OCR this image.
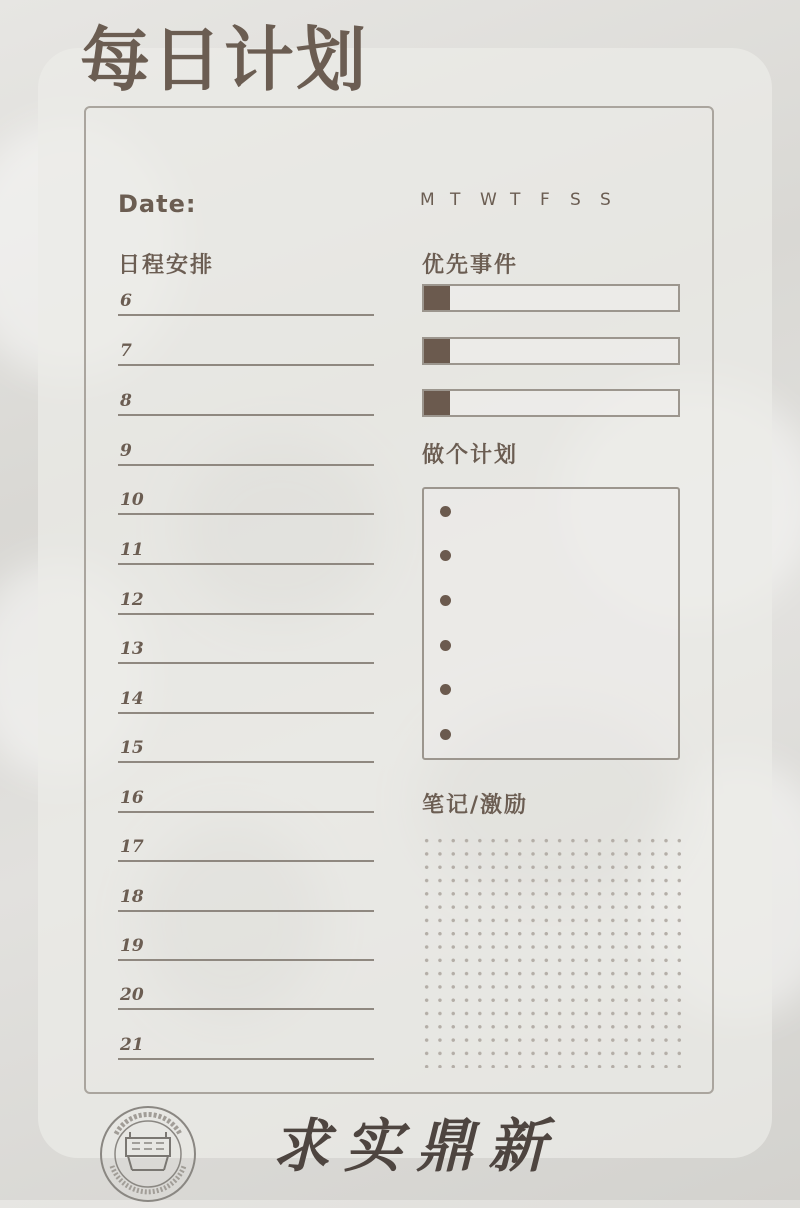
每日计划
Date:	M T	W T	F	S	S
日程安排
6
7
8
9
10
11
12
13
14
15
16
17
18
19
20
21
优先事件
做个计划
笔记/激励
求实鼎新
